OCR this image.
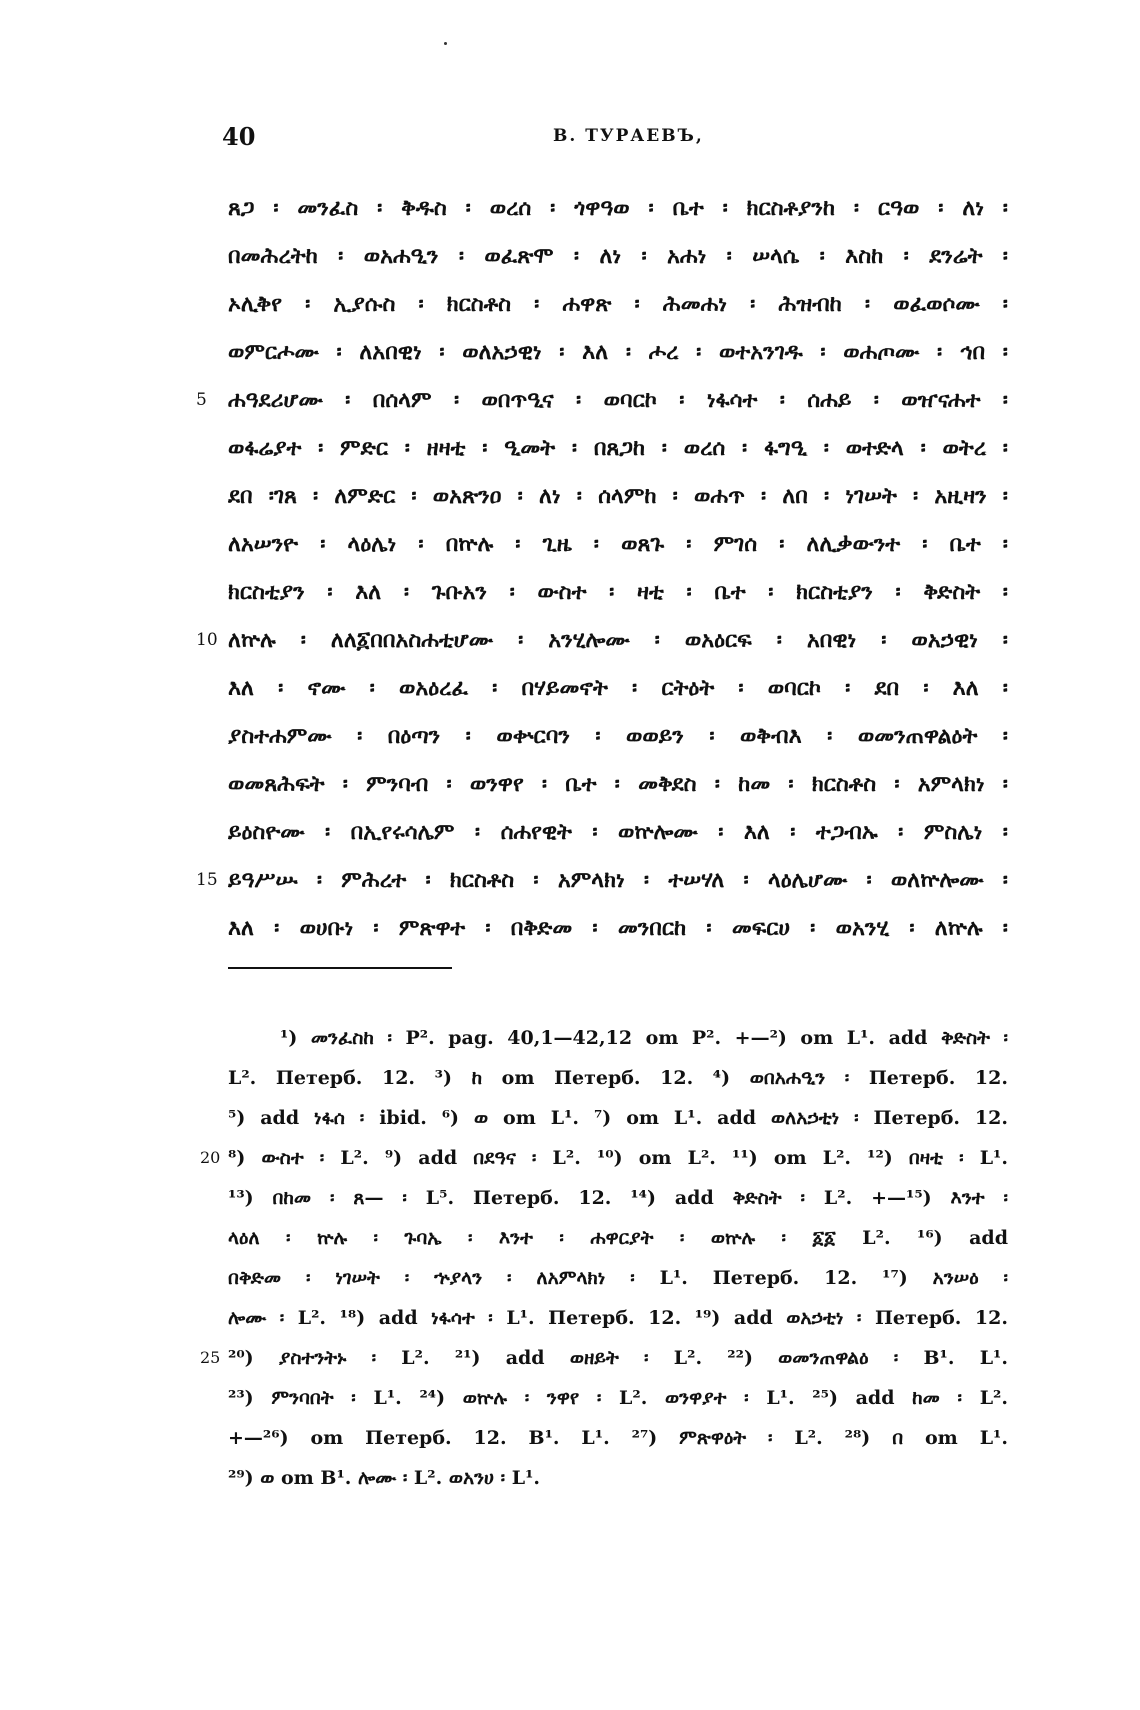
40	В. ТУРАЕВЪ,
ጸጋ ፡ መንፈስ ፡ ቅዱስ ፡ ወረሰ ፡ ጎዋዓወ ፡ ቤተ ፡ ክርስቶያንከ ፡ ርዓወ ፡ ለነ ፡
በመሕረትከ ፡ ወአሐዒን ፡ ወፈጽሞ ፡ ለነ ፡ አሐነ ፡ ሠላሴ ፡ እስከ ፡ ደንሬት ፡
ኦሊቅየ ፡ ኢያሱስ ፡ ክርስቶስ ፡ ሐዋጽ ፡ ሕመሐነ ፡ ሕዝብከ ፡ ወፈወሶሙ ፡
ወምርሖሙ ፡ ለአበዊነ ፡ ወለአኃዊነ ፡ እለ ፡ ሖረ ፡ ወተአንገዱ ፡ ወሐጦሙ ፡ ኅበ ፡
5 ሐዓደሪሆሙ ፡ በሰላም ፡ ወበጥዒና ፡ ወባርኮ ፡ ነፋሳተ ፡ ሰሐይ ፡ ወዠናሐተ ፡
ወፋሬያተ ፡ ምድር ፡ ዘዛቲ ፡ ዒመት ፡ በጸጋከ ፡ ወረሰ ፡ ፋግዒ ፡ ወተድላ ፡ ወትረ ፡
ደበ ፡ገጸ ፡ ለምድር ፡ ወአጽንዐ ፡ ለነ ፡ ሰላምከ ፡ ወሐጥ ፡ ለበ ፡ ነገሠት ፡ አዚዛን ፡
ለአሠንዮ ፡ ላዕሌነ ፡ በኵሉ ፡ ጊዜ ፡ ወጸጉ ፡ ምገሰ ፡ ለሊቃውንተ ፡ ቤተ ፡
ክርስቲያን ፡ እለ ፡ ጉቡአን ፡ ውስተ ፡ ዛቲ ፡ ቤተ ፡ ክርስቲያን ፡ ቅድስት ፡
10 ለኵሉ ፡ ለለ፩በበአስሐቲሆሙ ፡ አንሂሎሙ ፡ ወአዕርፍ ፡ አበዊነ ፡ ወአኃዊነ ፡
እለ ፡ ኖሙ ፡ ወአዕረፈ ፡ በሃይመኖት ፡ ርትዕት ፡ ወባርኮ ፡ ደበ ፡ እለ ፡
ያስተሐምሙ ፡ በዕጣን ፡ ወቍርባን ፡ ወወይን ፡ ወቅብእ ፡ ወመንጠዋልዕት ፡
ወመጸሕፍት ፡ ምንባብ ፡ ወንዋየ ፡ ቤተ ፡ መቅደስ ፡ ከመ ፡ ክርስቶስ ፡ አምላክነ ፡
ይዕስዮሙ ፡ በኢየሩሳሌም ፡ ሰሐየዊት ፡ ወኵሎሙ ፡ እለ ፡ ተጋብኡ ፡ ምስሌነ ፡
15 ይዓሥሡ ፡ ምሕረተ ፡ ክርስቶስ ፡ አምላክነ ፡ ተሠሃለ ፡ ላዕሌሆሙ ፡ ወለኵሎሙ ፡
እለ ፡ ወሀቡነ ፡ ምጽዋተ ፡ በቅድመ ፡ መንበርከ ፡ መፍርሀ ፡ ወአንሂ ፡ ለኵሉ ፡
¹) መንፈስከ ፡ P². pag. 40,1—42,12 om P². +—²) om L¹. add ቅድስት ፡
L². Петерб. 12. ³) ከ om Петерб. 12. ⁴) ወበአሐዒን ፡ Петерб. 12.
⁵) add ነፋሰ ፡ ibid. ⁶) ወ om L¹. ⁷) om L¹. add ወለአኃቲነ ፡ Петерб. 12.
20 ⁸) ውስተ ፡ L². ⁹) add በደዓና ፡ L². ¹⁰) om L². ¹¹) om L². ¹²) በዛቲ ፡ L¹.
¹³) በከመ ፡ ጸ— ፡ L⁵. Петерб. 12. ¹⁴) add ቅድስት ፡ L². +—¹⁵) እንተ ፡
ላዕለ ፡ ኵሉ ፡ ጉባኤ ፡ እንተ ፡ ሐዋርያት ፡ ወኵሉ ፡ ፩፩ L². ¹⁶) add
በቅድመ ፡ ነገሠት ፡ ኍያላን ፡ ለአምላክነ ፡ L¹. Петерб. 12. ¹⁷) አንሠዕ ፡
ሎሙ ፡ L². ¹⁸) add ነፋሳተ ፡ L¹. Петерб. 12. ¹⁹) add ወአኃቲነ ፡ Петерб. 12.
25 ²⁰) ያስተንትኑ ፡ L². ²¹) add ወዘይት ፡ L². ²²) ወመንጠዋልዕ ፡ B¹. L¹.
²³) ምንባበት ፡ L¹. ²⁴) ወኵሉ ፡ ንዋየ ፡ L². ወንዋያተ ፡ L¹. ²⁵) add ከመ ፡ L².
+—²⁶) om Петерб. 12. B¹. L¹. ²⁷) ምጽዋዕት ፡ L². ²⁸) በ om L¹.
²⁹) ወ om B¹. ሎሙ ፡ L². ወአንሀ ፡ L¹.
